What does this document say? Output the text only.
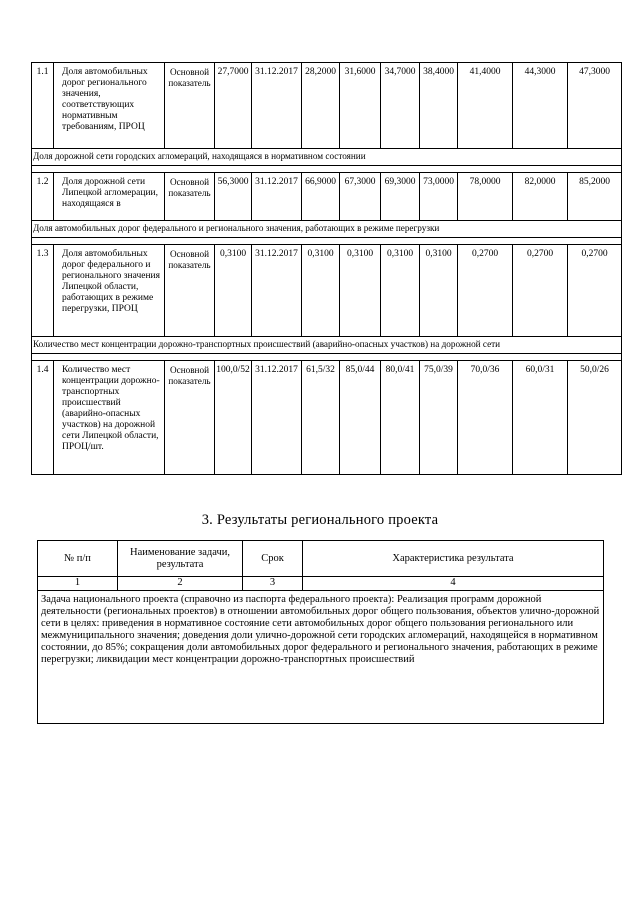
1.1	Доля автомобильных дорог регионального значения, соответствующих нормативным требованиям, ПРОЦ	Основной показатель	27,7000	31.12.2017	28,2000	31,6000	34,7000	38,4000	41,4000	44,3000	47,3000
Доля дорожной сети городских агломераций, находящаяся в нормативном состоянии											

1.2	Доля дорожной сети Липецкой агломерации, находящаяся в	Основной показатель	56,3000	31.12.2017	66,9000	67,3000	69,3000	73,0000	78,0000	82,0000	85,2000
Доля автомобильных дорог федерального и регионального значения, работающих в режиме перегрузки											

1.3	Доля автомобильных дорог федерального и регионального значения Липецкой области, работающих в режиме перегрузки, ПРОЦ	Основной показатель	0,3100	31.12.2017	0,3100	0,3100	0,3100	0,3100	0,2700	0,2700	0,2700
Количество мест концентрации дорожно-транспортных происшествий (аварийно-опасных участков) на дорожной сети											

1.4	Количество мест концентрации дорожно-транспортных происшествий (аварийно-опасных участков) на дорожной сети Липецкой области, ПРОЦ/шт.	Основной показатель	100,0/52	31.12.2017	61,5/32	85,0/44	80,0/41	75,0/39	70,0/36	60,0/31	50,0/26
3. Результаты регионального проекта
№ п/п	Наименование задачи, результата	Срок	Характеристика результата
1	2	3	4
Задача национального проекта (справочно из паспорта федерального проекта): Реализация программ дорожной деятельности (региональных проектов) в отношении автомобильных дорог общего пользования, объектов улично-дорожной сети в целях: приведения в нормативное состояние сети автомобильных дорог общего пользования регионального или межмуниципального значения; доведения доли улично-дорожной сети городских агломераций, находящейся в нормативном состоянии, до 85%; сокращения доли автомобильных дорог федерального и регионального значения, работающих в режиме перегрузки; ликвидации мест концентрации дорожно-транспортных происшествий			
